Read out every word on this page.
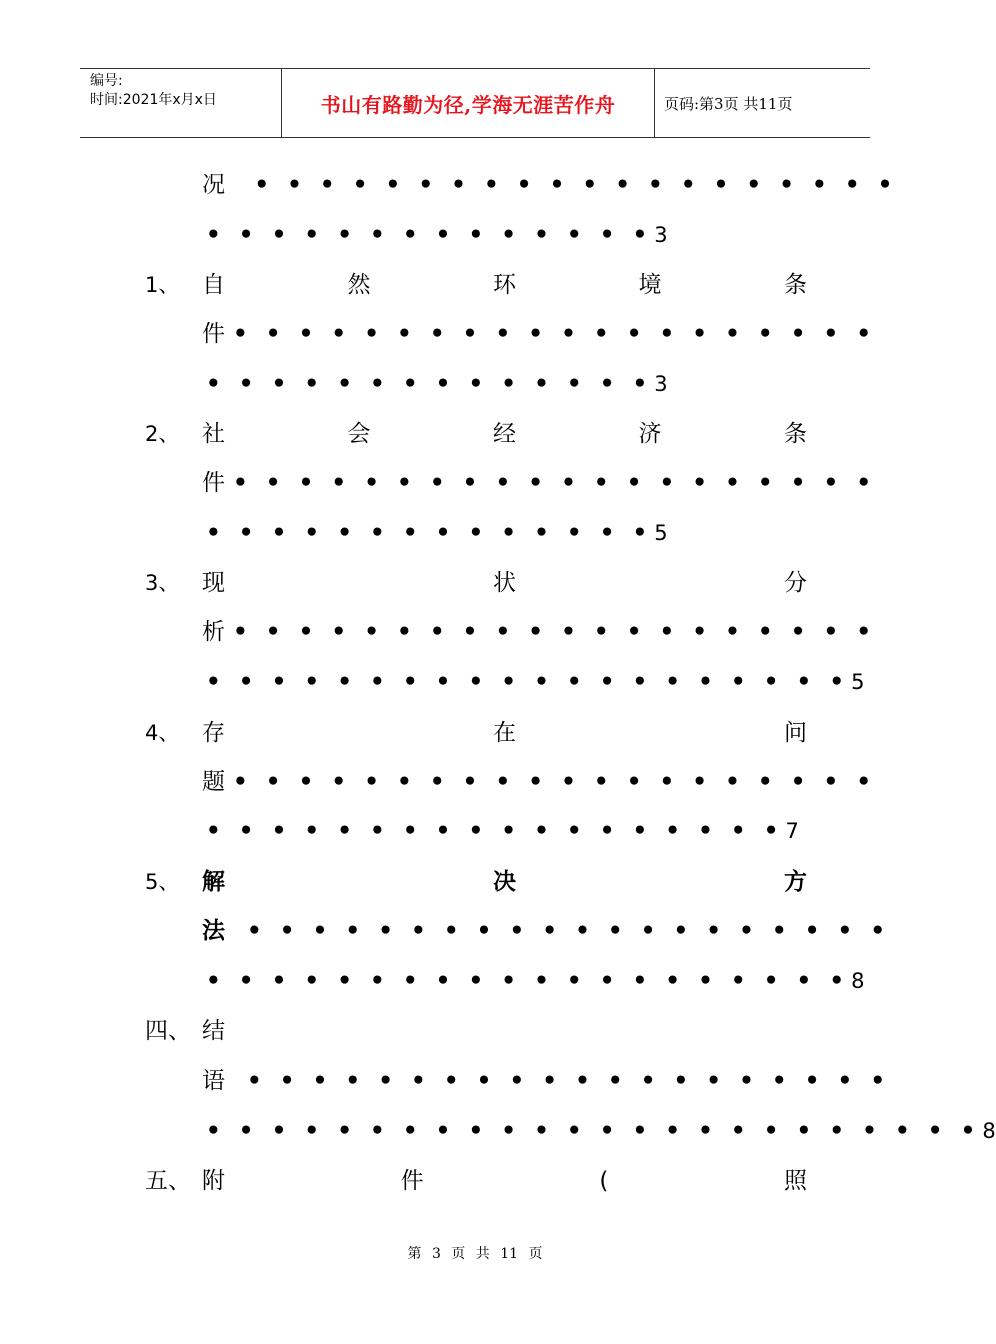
编号:
时间:2021年x月x日	书山有路勤为径,学海无涯苦作舟	页码:第3页 共11页
况 • • • • • • • • • • • • • • • • • • • •
• • • • • • • • • • • • • •3
1、 自	然	环	境	条
件 • • • • • • • • • • • • • • • • • • • •
• • • • • • • • • • • • • •3
2、 社	会	经	济	条
件 • • • • • • • • • • • • • • • • • • • •
• • • • • • • • • • • • • •5
3、 现	状	分
析 • • • • • • • • • • • • • • • • • • • •
• • • • • • • • • • • • • • • • • • • •5
4、 存	在	问
题 • • • • • • • • • • • • • • • • • • • •
• • • • • • • • • • • • • • • • • •7
5、 解	决	方
法 • • • • • • • • • • • • • • • • • • • •
• • • • • • • • • • • • • • • • • • • •8
四、 结
语 • • • • • • • • • • • • • • • • • • • •
• • • • • • • • • • • • • • • • • • • • • • • •8
五、 附	件	(	照
第 3 页 共 11 页
